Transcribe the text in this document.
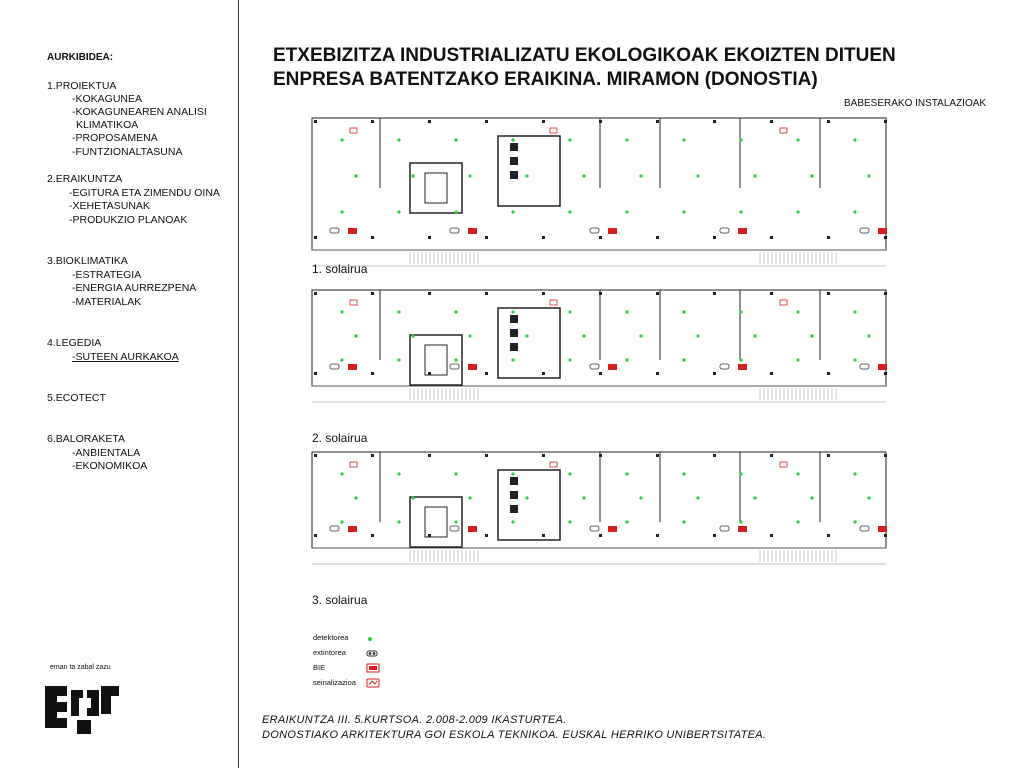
AURKIBIDEA:
1.PROIEKTUA
-KOKAGUNEA
-KOKAGUNEAREN ANALISI
KLIMATIKOA
-PROPOSAMENA
-FUNTZIONALTASUNA
2.ERAIKUNTZA
-EGITURA ETA ZIMENDU OINA
-XEHETASUNAK
-PRODUKZIO PLANOAK
3.BIOKLIMATIKA
-ESTRATEGIA
-ENERGIA AURREZPENA
-MATERIALAK
4.LEGEDIA
-SUTEEN AURKAKOA
5.ECOTECT
6.BALORAKETA
-ANBIENTALA
-EKONOMIKOA
eman ta zabal zazu
ETXEBIZITZA INDUSTRIALIZATU EKOLOGIKOAK EKOIZTEN DITUEN
ENPRESA BATENTZAKO ERAIKINA. MIRAMON (DONOSTIA)
BABESERAKO INSTALAZIOAK
1. solairua
2. solairua
3. solairua
detektorea
extintorea
BIE
seinalizazioa
ERAIKUNTZA III. 5.KURTSOA. 2.008-2.009 IKASTURTEA.
DONOSTIAKO ARKITEKTURA GOI ESKOLA TEKNIKOA. EUSKAL HERRIKO UNIBERTSITATEA.
